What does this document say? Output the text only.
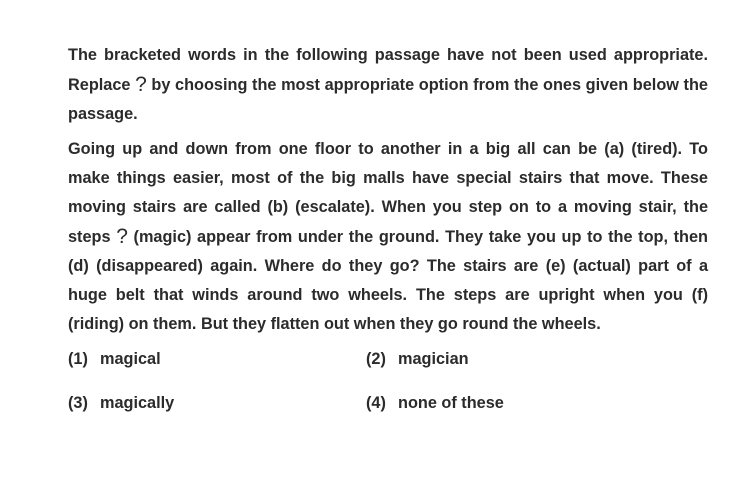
The bracketed words in the following passage have not been used appropriate. Replace ? by choosing the most appropriate option from the ones given below the passage.

Going up and down from one floor to another in a big all can be (a) (tired). To make things easier, most of the big malls have special stairs that move. These moving stairs are called (b) (escalate). When you step on to a moving stair, the steps ? (magic) appear from under the ground. They take you up to the top, then (d) (disappeared) again. Where do they go? The stairs are (e) (actual) part of a huge belt that winds around two wheels. The steps are upright when you (f) (riding) on them. But they flatten out when they go round the wheels.

(1) magical	(2) magician
(3) magically	(4) none of these
